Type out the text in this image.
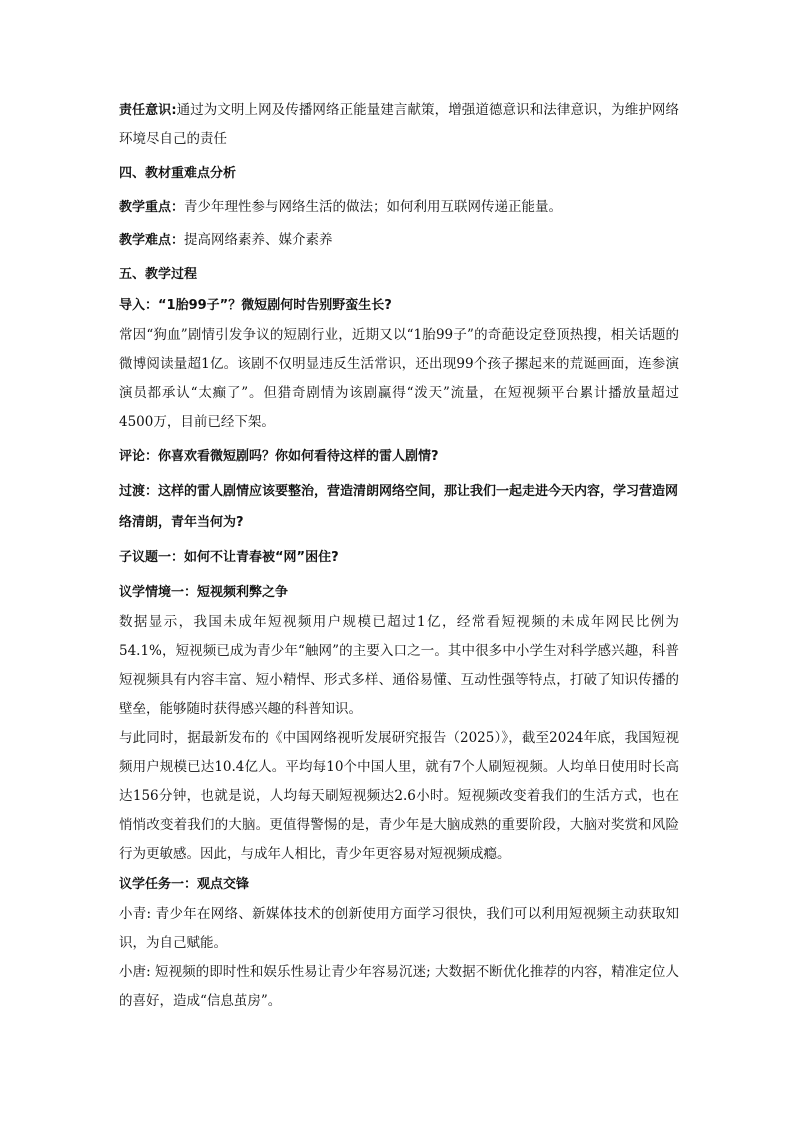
责任意识:通过为文明上网及传播网络正能量建言献策，增强道德意识和法律意识，为维护网络环境尽自己的责任

四、教材重难点分析

教学重点：青少年理性参与网络生活的做法；如何利用互联网传递正能量。

教学难点：提高网络素养、媒介素养

五、教学过程

导入：“1胎99子”？微短剧何时告别野蛮生长?

常因“狗血”剧情引发争议的短剧行业，近期又以“1胎99子”的奇葩设定登顶热搜，相关话题的微博阅读量超1亿。该剧不仅明显违反生活常识，还出现99个孩子摞起来的荒诞画面，连参演演员都承认“太癫了”。但猎奇剧情为该剧赢得“泼天”流量，在短视频平台累计播放量超过4500万，目前已经下架。

评论：你喜欢看微短剧吗？你如何看待这样的雷人剧情?

过渡：这样的雷人剧情应该要整治，营造清朗网络空间，那让我们一起走进今天内容，学习营造网络清朗，青年当何为?

子议题一：如何不让青春被“网”困住?

议学情境一：短视频利弊之争

数据显示，我国未成年短视频用户规模已超过1亿，经常看短视频的未成年网民比例为54.1%，短视频已成为青少年“触网”的主要入口之一。其中很多中小学生对科学感兴趣，科普短视频具有内容丰富、短小精悍、形式多样、通俗易懂、互动性强等特点，打破了知识传播的壁垒，能够随时获得感兴趣的科普知识。

与此同时，据最新发布的《中国网络视听发展研究报告（2025）》，截至2024年底，我国短视频用户规模已达10.4亿人。平均每10个中国人里，就有7个人刷短视频。人均单日使用时长高达156分钟，也就是说，人均每天刷短视频达2.6小时。短视频改变着我们的生活方式，也在悄悄改变着我们的大脑。更值得警惕的是，青少年是大脑成熟的重要阶段，大脑对奖赏和风险行为更敏感。因此，与成年人相比，青少年更容易对短视频成瘾。

议学任务一：观点交锋

小青: 青少年在网络、新媒体技术的创新使用方面学习很快，我们可以利用短视频主动获取知识，为自己赋能。

小唐: 短视频的即时性和娱乐性易让青少年容易沉迷; 大数据不断优化推荐的内容，精准定位人的喜好，造成“信息茧房”。
